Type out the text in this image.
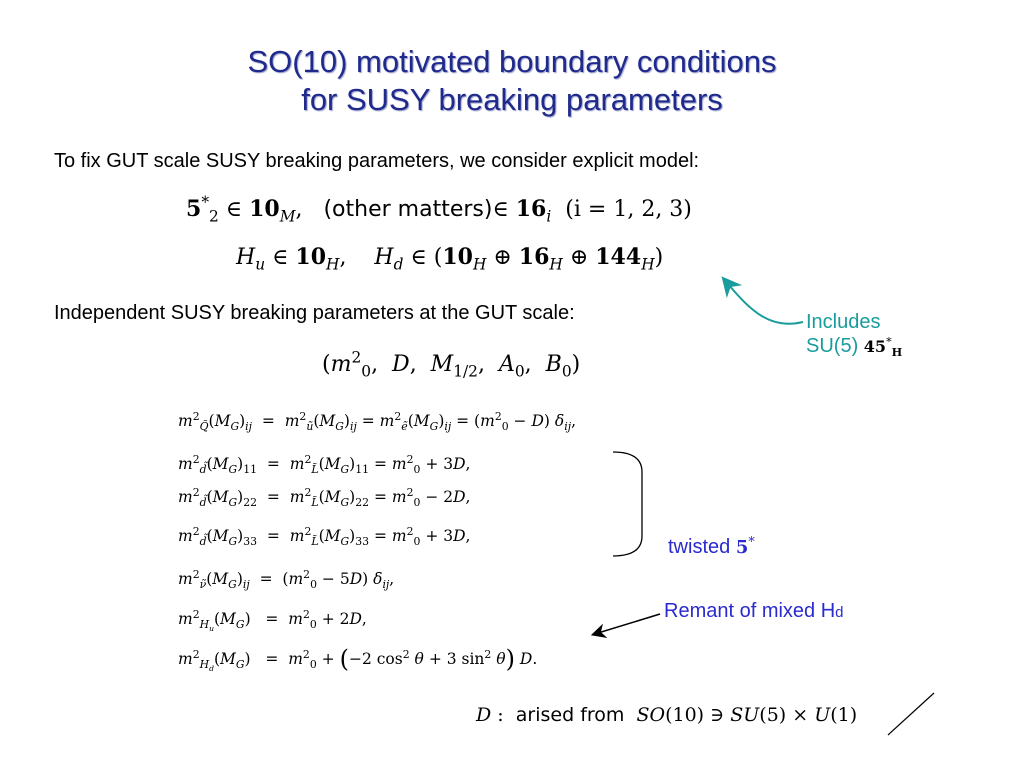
SO(10) motivated boundary conditions
for SUSY breaking parameters
To fix GUT scale SUSY breaking parameters, we consider explicit model:
$5^*_2$ ∈ $10_M$,   (other matters)∈ $16_i$ (i = 1, 2, 3)
$H_u$ ∈ $10_H$,    $H_d$ ∈ ($10_H$ ⊕ $16_H$ ⊕ $144_H$)
Independent SUSY breaking parameters at the GUT scale:
($m^2_0$,  D,  $M_{1/2}$,  $A_0$,  $B_0$)
Includes
SU(5) $45^*_H$
$m^2_{Q̃}(M_G)_{ij} = m^2_ũ(M_G)_{ij} = m^2_ẽ(M_G)_{ij} = (m^2_0 - D)$ $\delta_{ij}$,
$m^2_{d̃}(M_G)_{11} = m^2_{L̃}(M_G)_{11} = m^2_0 + 3D$,
$m^2_{d̃}(M_G)_{22} = m^2_{L̃}(M_G)_{22} = m^2_0 - 2D$,
$m^2_{d̃}(M_G)_{33} = m^2_{L̃}(M_G)_{33} = m^2_0 + 3D$,
$m^2_{\nũ}(M_G)_{ij} = (m^2_0 - 5D)$ $\delta_{ij}$,
$m^2_{H_u}(M_G) = m^2_0 + 2D$,
$m^2_{H_d}(M_G) = m^2_0 + (-2$ $\cos^2 \theta + 3$ $\sin^2 \theta$) D.
twisted 5*
Remant of mixed Hd
D :  arised from SO(10) ∋ SU(5) × U(1)
